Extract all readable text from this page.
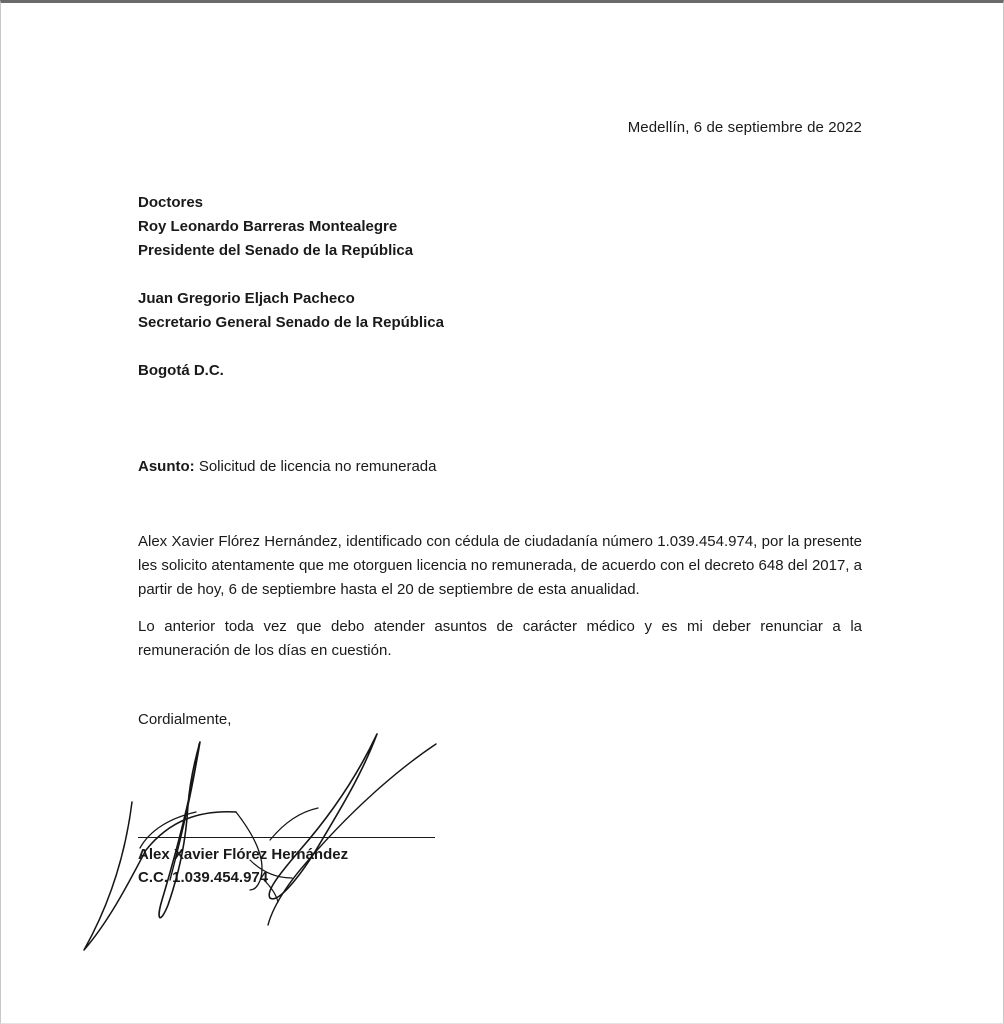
Medellín, 6 de septiembre de 2022
Doctores
Roy Leonardo Barreras Montealegre
Presidente del Senado de la República
Juan Gregorio Eljach Pacheco
Secretario General Senado de la República
Bogotá D.C.
Asunto: Solicitud de licencia no remunerada
Alex Xavier Flórez Hernández, identificado con cédula de ciudadanía número 1.039.454.974, por la presente les solicito atentamente que me otorguen licencia no remunerada, de acuerdo con el decreto 648 del 2017, a partir de hoy, 6 de septiembre hasta el 20 de septiembre de esta anualidad.
Lo anterior toda vez que debo atender asuntos de carácter médico y es mi deber renunciar a la remuneración de los días en cuestión.
Cordialmente,
Alex Xavier Flórez Hernández
C.C. 1.039.454.974
